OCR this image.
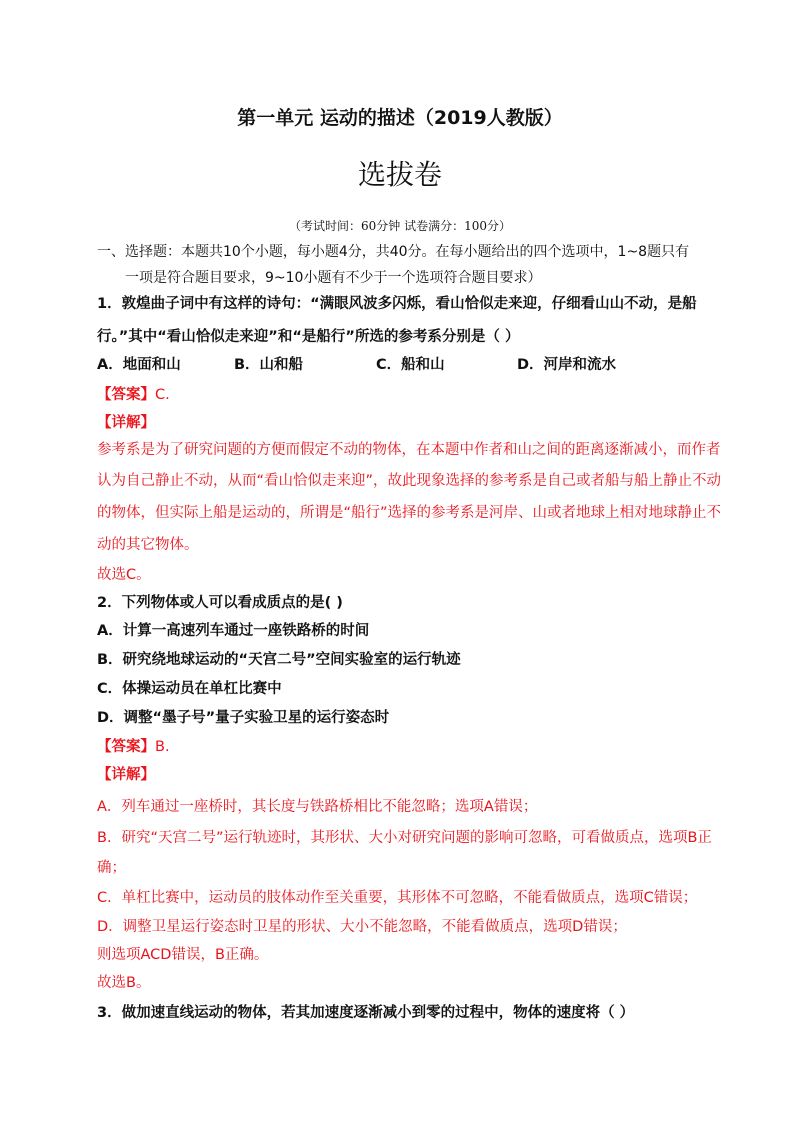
第一单元 运动的描述（2019人教版）
选拔卷
（考试时间：60分钟 试卷满分：100分）
一、选择题：本题共10个小题，每小题4分，共40分。在每小题给出的四个选项中，1~8题只有
一项是符合题目要求，9~10小题有不少于一个选项符合题目要求）
1．敦煌曲子词中有这样的诗句：“满眼风波多闪烁，看山恰似走来迎，仔细看山山不动，是船
行。”其中“看山恰似走来迎”和“是船行”所选的参考系分别是（ ）
A．地面和山	B．山和船	C．船和山	D．河岸和流水
【答案】C.
【详解】
参考系是为了研究问题的方便而假定不动的物体，在本题中作者和山之间的距离逐渐减小，而作者
认为自己静止不动，从而“看山恰似走来迎”，故此现象选择的参考系是自己或者船与船上静止不动
的物体，但实际上船是运动的，所谓是“船行”选择的参考系是河岸、山或者地球上相对地球静止不
动的其它物体。
故选C。
2．下列物体或人可以看成质点的是( )
A．计算一高速列车通过一座铁路桥的时间
B．研究绕地球运动的“天宫二号”空间实验室的运行轨迹
C．体操运动员在单杠比赛中
D．调整“墨子号”量子实验卫星的运行姿态时
【答案】B.
【详解】
A．列车通过一座桥时，其长度与铁路桥相比不能忽略；选项A错误；
B．研究“天宫二号”运行轨迹时，其形状、大小对研究问题的影响可忽略，可看做质点，选项B正
确；
C．单杠比赛中，运动员的肢体动作至关重要，其形体不可忽略，不能看做质点，选项C错误；
D．调整卫星运行姿态时卫星的形状、大小不能忽略，不能看做质点，选项D错误；
则选项ACD错误，B正确。
故选B。
3．做加速直线运动的物体，若其加速度逐渐减小到零的过程中，物体的速度将（ ）
